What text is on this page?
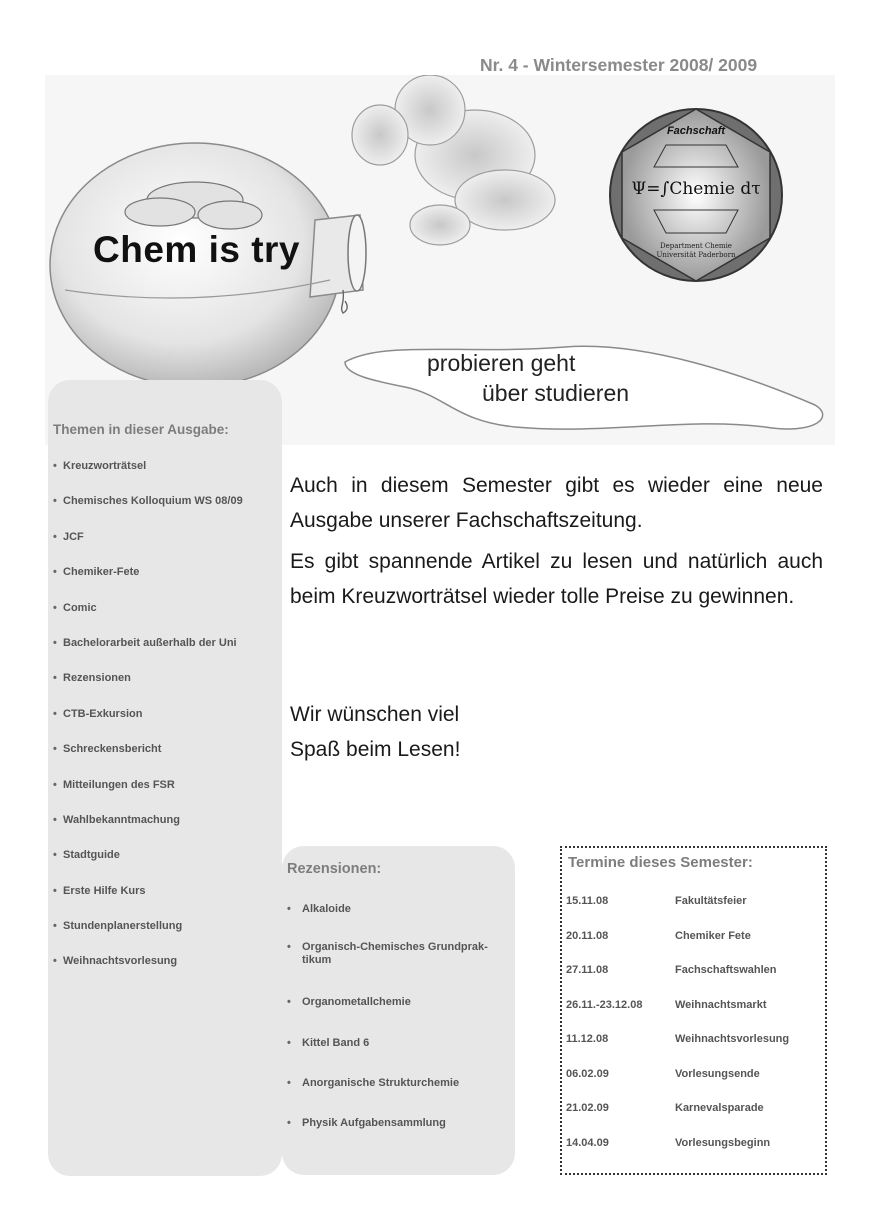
Nr. 4 - Wintersemester 2008/ 2009
Chem is try
probieren geht
über studieren
Fachschaft
Ψ=∫Chemie dτ
Department Chemie
Universität Paderborn
Themen in dieser Ausgabe:
• Kreuzworträtsel
• Chemisches Kolloquium WS 08/09
• JCF
• Chemiker-Fete
• Comic
• Bachelorarbeit außerhalb der Uni
• Rezensionen
• CTB-Exkursion
• Schreckensbericht
• Mitteilungen des FSR
• Wahlbekanntmachung
• Stadtguide
• Erste Hilfe Kurs
• Stundenplanerstellung
• Weihnachtsvorlesung

Auch in diesem Semester gibt es wieder eine neue Ausgabe unserer Fachschaftszeitung.

Es gibt spannende Artikel zu lesen und natürlich auch beim Kreuzworträtsel wieder tolle Preise zu gewinnen.

Wir wünschen viel
Spaß beim Lesen!
Rezensionen:
•	Alkaloide
•	Organisch-Chemisches Grundprak-tikum
•	Organometallchemie
•	Kittel Band 6
•	Anorganische Strukturchemie
•	Physik Aufgabensammlung
Termine dieses Semester:
15.11.08	Fakultätsfeier
20.11.08	Chemiker Fete
27.11.08	Fachschaftswahlen
26.11.-23.12.08	Weihnachtsmarkt
11.12.08	Weihnachtsvorlesung
06.02.09	Vorlesungsende
21.02.09	Karnevalsparade
14.04.09	Vorlesungsbeginn
